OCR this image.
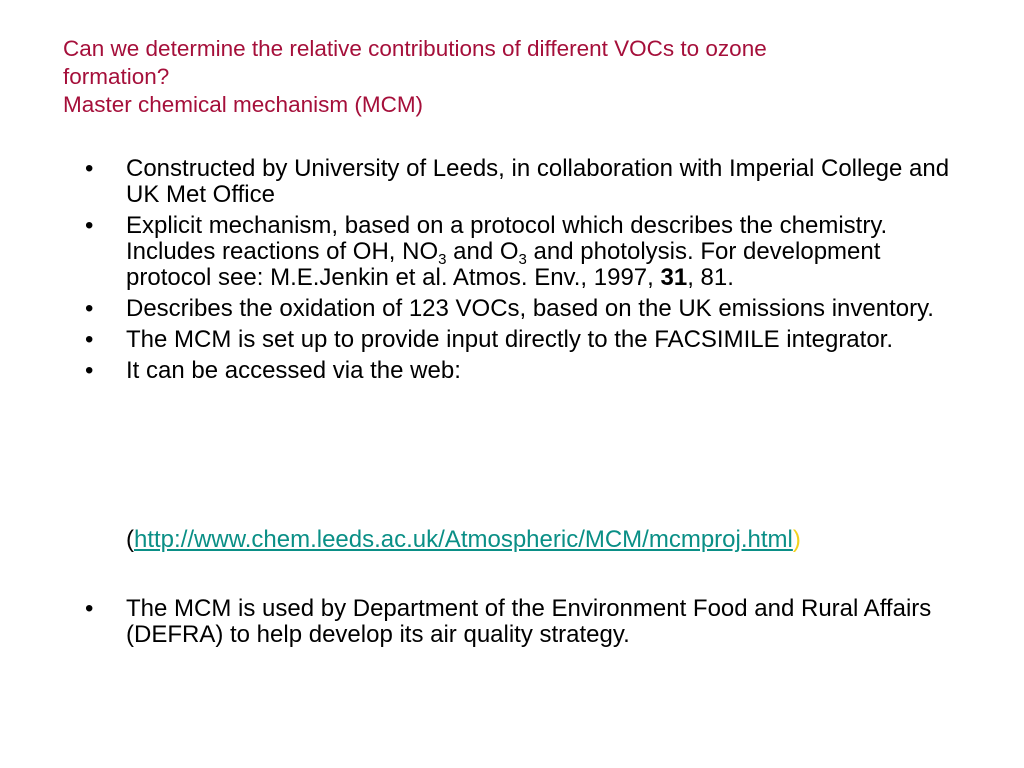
Can we determine the relative contributions of different VOCs to ozone
formation?
Master chemical mechanism (MCM)
• Constructed by University of Leeds, in collaboration with Imperial College and UK Met Office
• Explicit mechanism, based on a protocol which describes the chemistry. Includes reactions of OH, $NO_3$ and $O_3$ and photolysis. For development protocol see: M.E.Jenkin et al. Atmos. Env., 1997, 31, 81.
• Describes the oxidation of 123 VOCs, based on the UK emissions inventory.
• The MCM is set up to provide input directly to the FACSIMILE integrator.
• It can be accessed via the web:
(http://www.chem.leeds.ac.uk/Atmospheric/MCM/mcmproj.html)
• The MCM is used by Department of the Environment Food and Rural Affairs (DEFRA) to help develop its air quality strategy.
